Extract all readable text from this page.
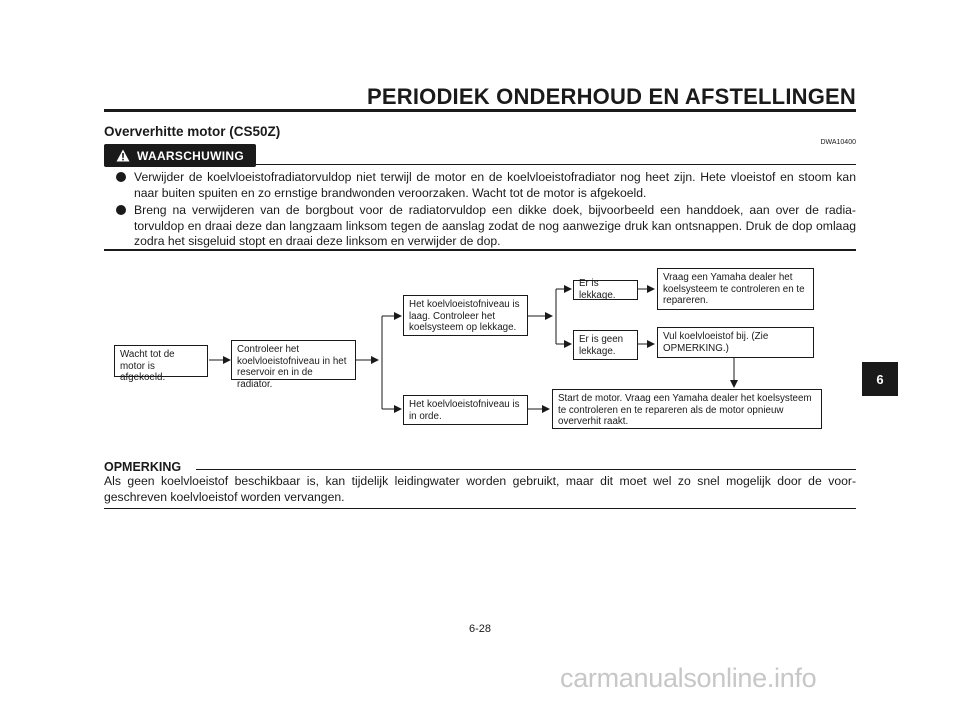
PERIODIEK ONDERHOUD EN AFSTELLINGEN
Oververhitte motor (CS50Z)
DWA10400
WAARSCHUWING
Verwijder de koelvloeistofradiatorvuldop niet terwijl de motor en de koelvloeistofradiator nog heet zijn. Hete vloeistof en stoom kan naar buiten spuiten en zo ernstige brandwonden veroorzaken. Wacht tot de motor is afgekoeld.
Breng na verwijderen van de borgbout voor de radiatorvuldop een dikke doek, bijvoorbeeld een handdoek, aan over de radia-torvuldop en draai deze dan langzaam linksom tegen de aanslag zodat de nog aanwezige druk kan ontsnappen. Druk de dop omlaag zodra het sisgeluid stopt en draai deze linksom en verwijder de dop.
Wacht tot de motor is afgekoeld.
Controleer het koelvloeistofniveau in het reservoir en in de radiator.
Het koelvloeistofniveau is laag. Controleer het koelsysteem op lekkage.
Het koelvloeistofniveau is in orde.
Er is lekkage.
Er is geen lekkage.
Vraag een Yamaha dealer het koelsysteem te controleren en te repareren.
Vul koelvloeistof bij. (Zie OPMERKING.)
Start de motor. Vraag een Yamaha dealer het koelsysteem te controleren en te repareren als de motor opnieuw oververhit raakt.
OPMERKING
Als geen koelvloeistof beschikbaar is, kan tijdelijk leidingwater worden gebruikt, maar dit moet wel zo snel mogelijk door de voor-geschreven koelvloeistof worden vervangen.
6
6-28
carmanualsonline.info
